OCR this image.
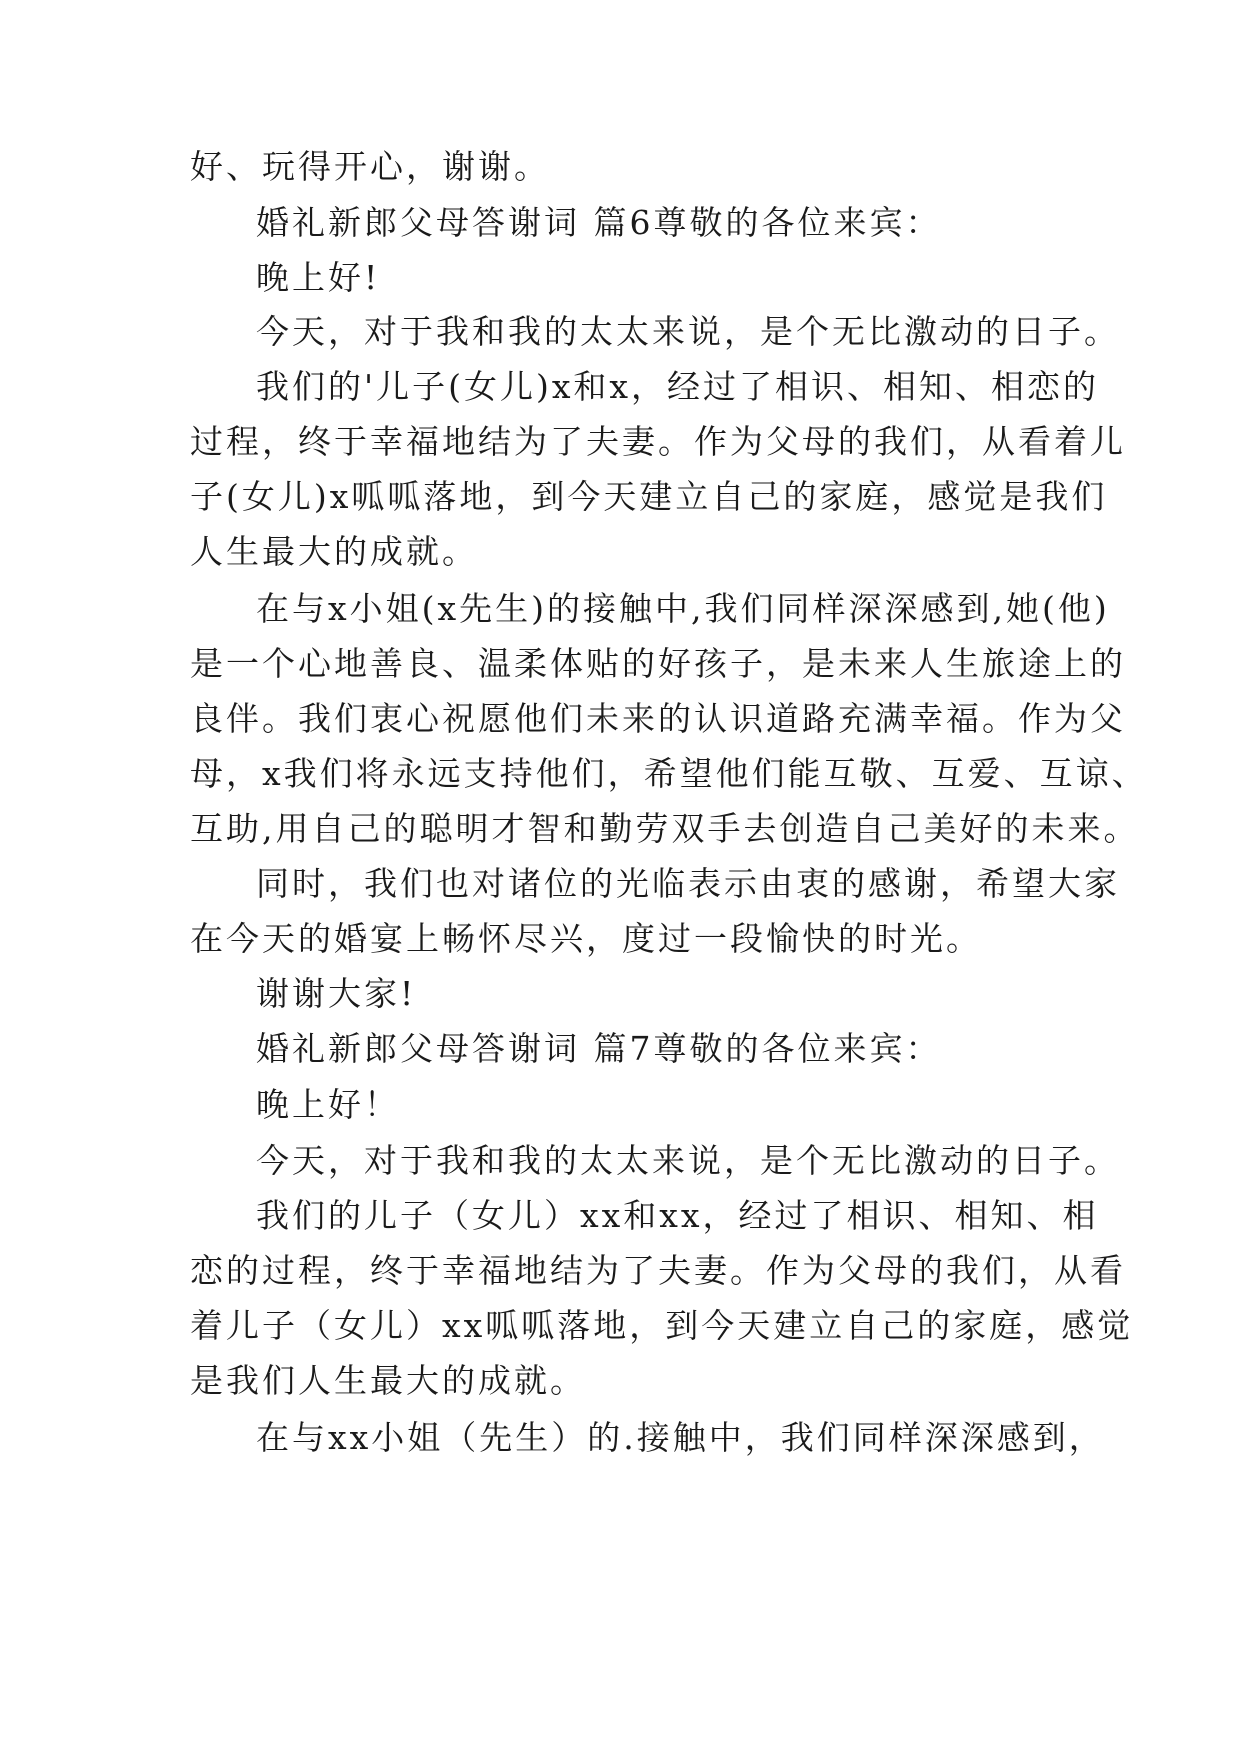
好、玩得开心，谢谢。

婚礼新郎父母答谢词 篇6尊敬的各位来宾：

晚上好!

今天，对于我和我的太太来说，是个无比激动的日子。

我们的'儿子(女儿)x和x，经过了相识、相知、相恋的

过程，终于幸福地结为了夫妻。作为父母的我们，从看着儿

子(女儿)x呱呱落地，到今天建立自己的家庭，感觉是我们

人生最大的成就。

在与x小姐(x先生)的接触中,我们同样深深感到,她(他)

是一个心地善良、温柔体贴的好孩子，是未来人生旅途上的

良伴。我们衷心祝愿他们未来的认识道路充满幸福。作为父

母，x我们将永远支持他们，希望他们能互敬、互爱、互谅、

互助,用自己的聪明才智和勤劳双手去创造自己美好的未来。

同时，我们也对诸位的光临表示由衷的感谢，希望大家

在今天的婚宴上畅怀尽兴，度过一段愉快的时光。

谢谢大家!

婚礼新郎父母答谢词 篇7尊敬的各位来宾：

晚上好！

今天，对于我和我的太太来说，是个无比激动的日子。

我们的儿子（女儿）xx和xx，经过了相识、相知、相

恋的过程，终于幸福地结为了夫妻。作为父母的我们，从看

着儿子（女儿）xx呱呱落地，到今天建立自己的家庭，感觉

是我们人生最大的成就。

在与xx小姐（先生）的.接触中，我们同样深深感到，
